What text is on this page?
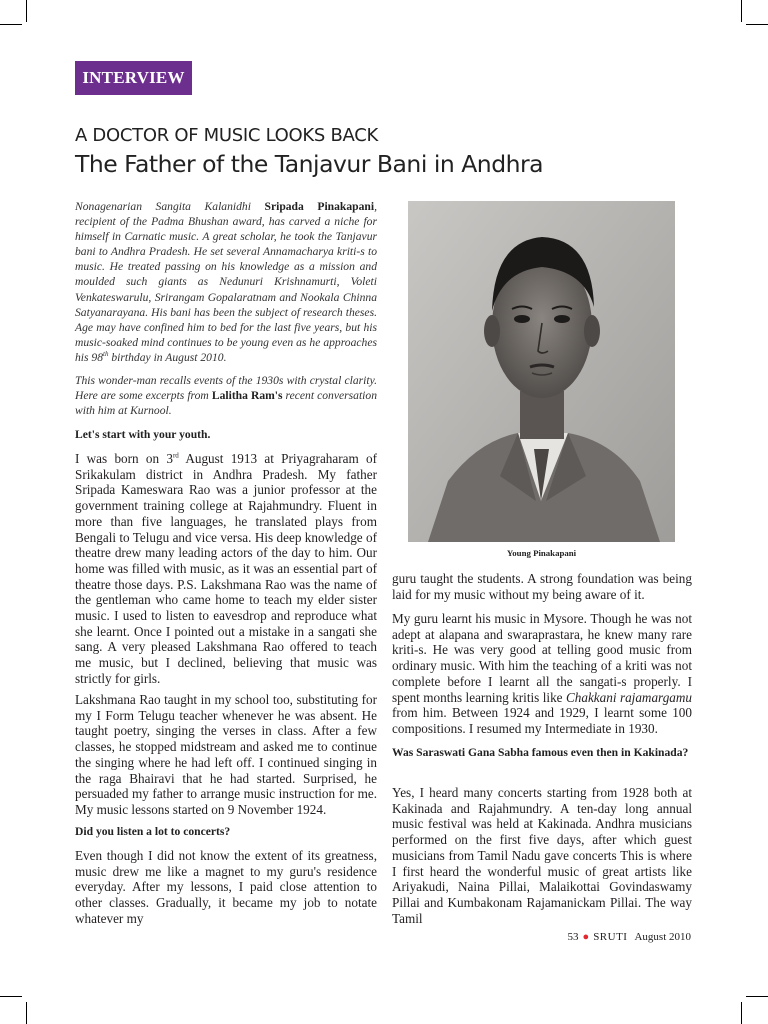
INTERVIEW
A DOCTOR OF MUSIC LOOKS BACK
The Father of the Tanjavur Bani in Andhra

Nonagenarian Sangita Kalanidhi Sripada Pinakapani, recipient of the Padma Bhushan award, has carved a niche for himself in Carnatic music. A great scholar, he took the Tanjavur bani to Andhra Pradesh. He set several Annamacharya kriti-s to music. He treated passing on his knowledge as a mission and moulded such giants as Nedunuri Krishnamurti, Voleti Venkateswarulu, Srirangam Gopalaratnam and Nookala Chinna Satyanarayana. His bani has been the subject of research theses. Age may have confined him to bed for the last five years, but his music-soaked mind continues to be young even as he approaches his 98th birthday in August 2010.

This wonder-man recalls events of the 1930s with crystal clarity. Here are some excerpts from Lalitha Ram's recent conversation with him at Kurnool.

Let's start with your youth.

I was born on 3rd August 1913 at Priyagraharam of Srikakulam district in Andhra Pradesh. My father Sripada Kameswara Rao was a junior professor at the government training college at Rajahmundry. Fluent in more than five languages, he translated plays from Bengali to Telugu and vice versa. His deep knowledge of theatre drew many leading actors of the day to him. Our home was filled with music, as it was an essential part of theatre those days. P.S. Lakshmana Rao was the name of the gentleman who came home to teach my elder sister music. I used to listen to eavesdrop and reproduce what she learnt. Once I pointed out a mistake in a sangati she sang. A very pleased Lakshmana Rao offered to teach me music, but I declined, believing that music was strictly for girls.

Lakshmana Rao taught in my school too, substituting for my I Form Telugu teacher whenever he was absent. He taught poetry, singing the verses in class. After a few classes, he stopped midstream and asked me to continue the singing where he had left off. I continued singing in the raga Bhairavi that he had started. Surprised, he persuaded my father to arrange music instruction for me. My music lessons started on 9 November 1924.

Did you listen a lot to concerts?

Even though I did not know the extent of its greatness, music drew me like a magnet to my guru's residence everyday. After my lessons, I paid close attention to other classes. Gradually, it became my job to notate whatever my

Young Pinakapani

guru taught the students. A strong foundation was being laid for my music without my being aware of it.

My guru learnt his music in Mysore. Though he was not adept at alapana and swaraprastara, he knew many rare kriti-s. He was very good at telling good music from ordinary music. With him the teaching of a kriti was not complete before I learnt all the sangati-s properly. I spent months learning kritis like Chakkani rajamargamu from him. Between 1924 and 1929, I learnt some 100 compositions. I resumed my Intermediate in 1930.

Was Saraswati Gana Sabha famous even then in Kakinada?

Yes, I heard many concerts starting from 1928 both at Kakinada and Rajahmundry. A ten-day long annual music festival was held at Kakinada. Andhra musicians performed on the first five days, after which guest musicians from Tamil Nadu gave concerts This is where I first heard the wonderful music of great artists like Ariyakudi, Naina Pillai, Malaikottai Govindaswamy Pillai and Kumbakonam Rajamanickam Pillai. The way Tamil

53 ● SRUTI August 2010
